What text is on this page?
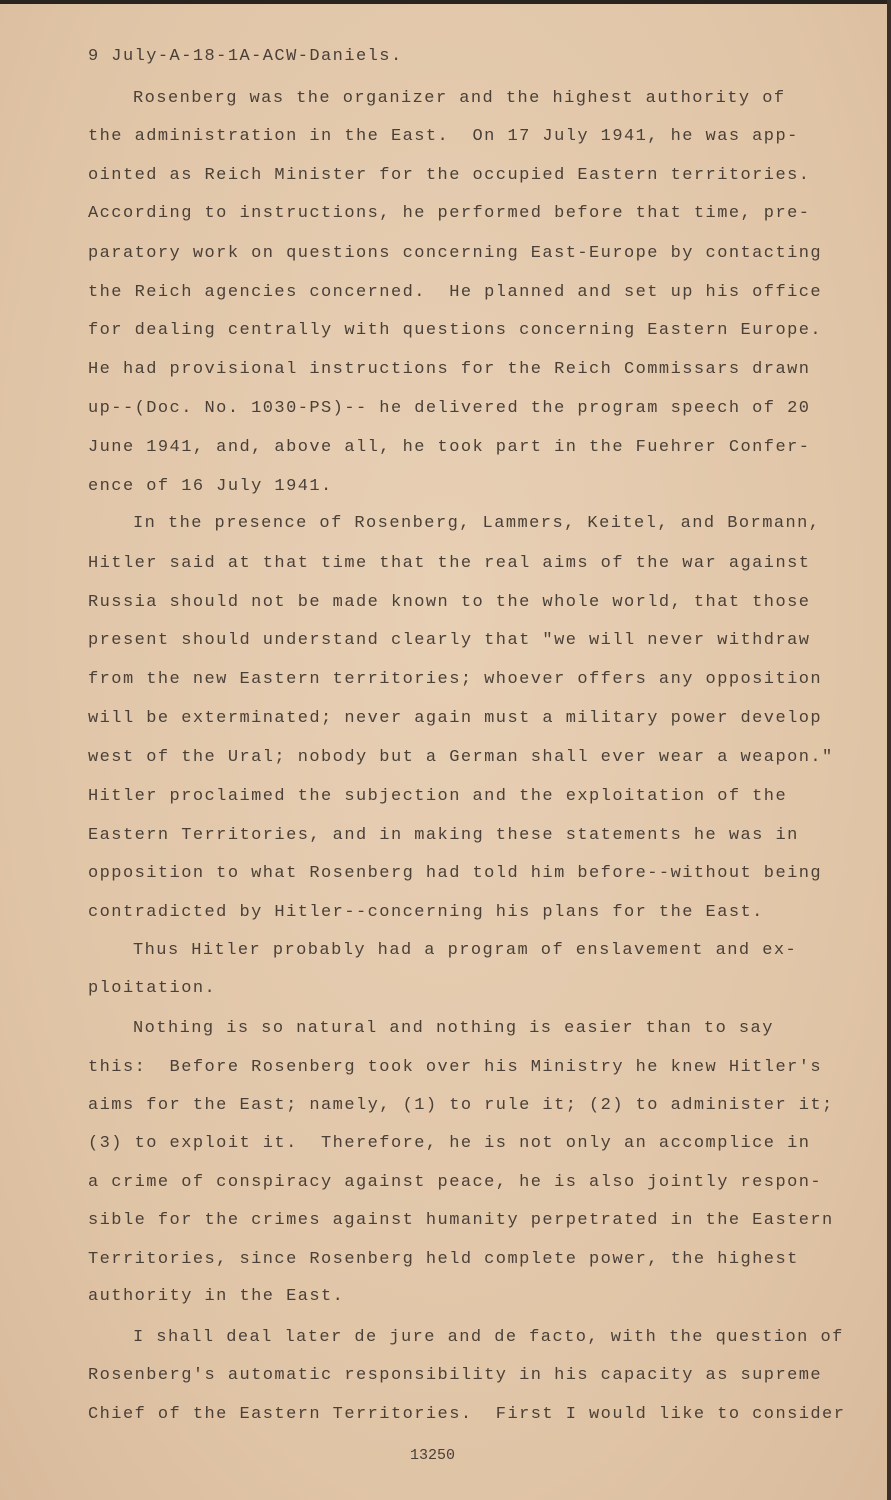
9 July-A-18-1A-ACW-Daniels.
Rosenberg was the organizer and the highest authority of
the administration in the East.  On 17 July 1941, he was app-
ointed as Reich Minister for the occupied Eastern territories.
According to instructions, he performed before that time, pre-
paratory work on questions concerning East-Europe by contacting
the Reich agencies concerned.  He planned and set up his office
for dealing centrally with questions concerning Eastern Europe.
He had provisional instructions for the Reich Commissars drawn
up--(Doc. No. 1030-PS)-- he delivered the program speech of 20
June 1941, and, above all, he took part in the Fuehrer Confer-
ence of 16 July 1941.
In the presence of Rosenberg, Lammers, Keitel, and Bormann,
Hitler said at that time that the real aims of the war against
Russia should not be made known to the whole world, that those
present should understand clearly that "we will never withdraw
from the new Eastern territories; whoever offers any opposition
will be exterminated; never again must a military power develop
west of the Ural; nobody but a German shall ever wear a weapon."
Hitler proclaimed the subjection and the exploitation of the
Eastern Territories, and in making these statements he was in
opposition to what Rosenberg had told him before--without being
contradicted by Hitler--concerning his plans for the East.
Thus Hitler probably had a program of enslavement and ex-
ploitation.
Nothing is so natural and nothing is easier than to say
this:  Before Rosenberg took over his Ministry he knew Hitler's
aims for the East; namely, (1) to rule it; (2) to administer it;
(3) to exploit it.  Therefore, he is not only an accomplice in
a crime of conspiracy against peace, he is also jointly respon-
sible for the crimes against humanity perpetrated in the Eastern
Territories, since Rosenberg held complete power, the highest
authority in the East.
I shall deal later de jure and de facto, with the question of
Rosenberg's automatic responsibility in his capacity as supreme
Chief of the Eastern Territories.  First I would like to consider
13250
